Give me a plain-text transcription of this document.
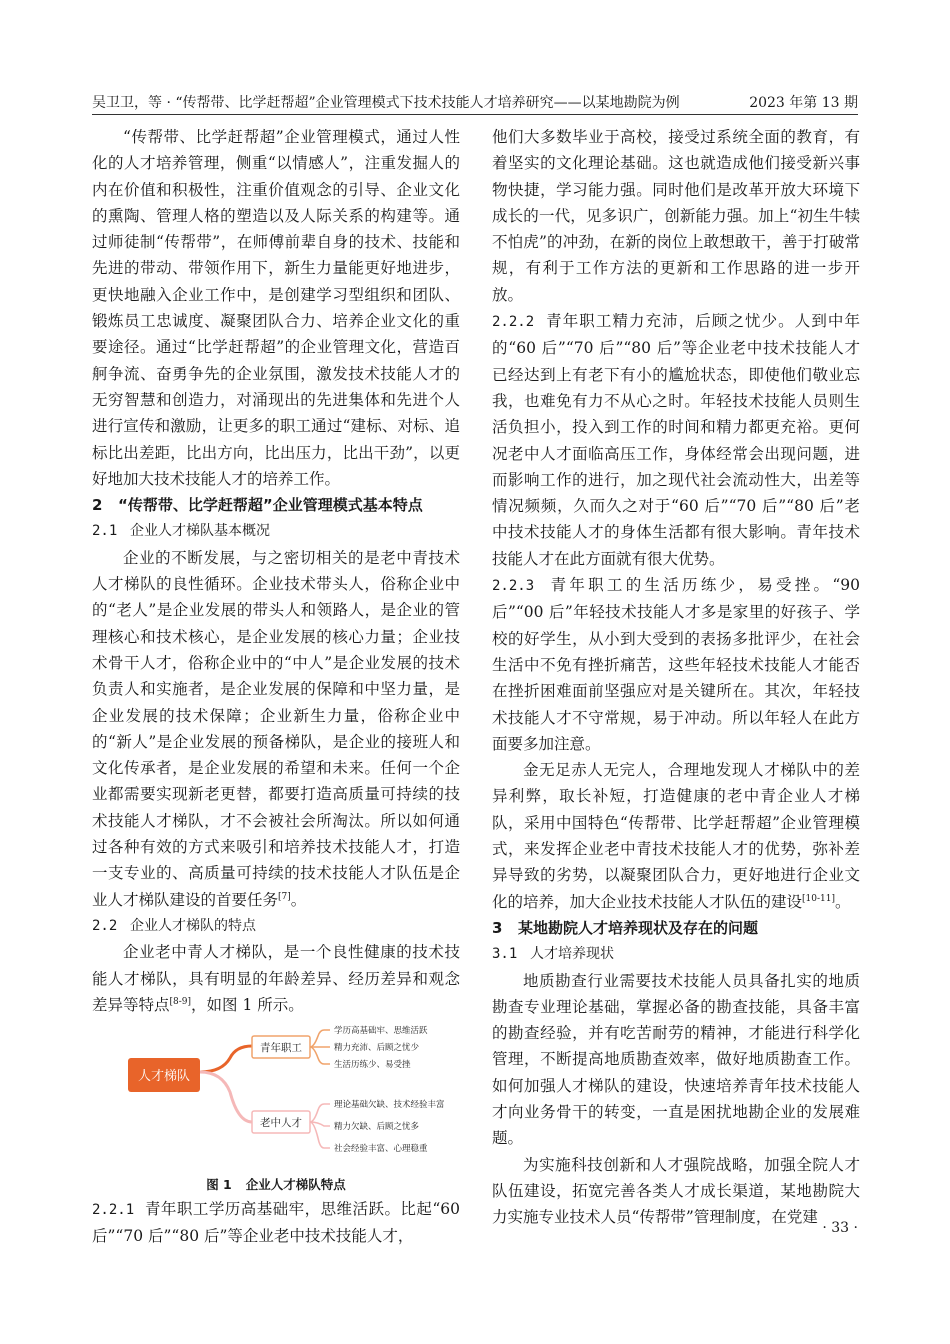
吴卫卫，等 · “传帮带、比学赶帮超”企业管理模式下技术技能人才培养研究——以某地勘院为例	2023 年第 13 期

“传帮带、比学赶帮超”企业管理模式，通过人性化的人才培养管理，侧重“以情感人”，注重发掘人的内在价值和积极性，注重价值观念的引导、企业文化的熏陶、管理人格的塑造以及人际关系的构建等。通过师徒制“传帮带”，在师傅前辈自身的技术、技能和先进的带动、带领作用下，新生力量能更好地进步，更快地融入企业工作中，是创建学习型组织和团队、锻炼员工忠诚度、凝聚团队合力、培养企业文化的重要途径。通过“比学赶帮超”的企业管理文化，营造百舸争流、奋勇争先的企业氛围，激发技术技能人才的无穷智慧和创造力，对涌现出的先进集体和先进个人进行宣传和激励，让更多的职工通过“建标、对标、追标比出差距，比出方向，比出压力，比出干劲”，以更好地加大技术技能人才的培养工作。

2 “传帮带、比学赶帮超”企业管理模式基本特点
2.1 企业人才梯队基本概况

企业的不断发展，与之密切相关的是老中青技术人才梯队的良性循环。企业技术带头人，俗称企业中的“老人”是企业发展的带头人和领路人，是企业的管理核心和技术核心，是企业发展的核心力量；企业技术骨干人才，俗称企业中的“中人”是企业发展的技术负责人和实施者，是企业发展的保障和中坚力量，是企业发展的技术保障；企业新生力量，俗称企业中的“新人”是企业发展的预备梯队，是企业的接班人和文化传承者，是企业发展的希望和未来。任何一个企业都需要实现新老更替，都要打造高质量可持续的技术技能人才梯队，才不会被社会所淘汰。所以如何通过各种有效的方式来吸引和培养技术技能人才，打造一支专业的、高质量可持续的技术技能人才队伍是企业人才梯队建设的首要任务[7]。

2.2 企业人才梯队的特点

企业老中青人才梯队，是一个良性健康的技术技能人才梯队，具有明显的年龄差异、经历差异和观念差异等特点[8-9]，如图 1 所示。

人才梯队
青年职工
学历高基础牢、思维活跃
精力充沛、后顾之忧少
生活历练少、易受挫
老中人才
理论基础欠缺、技术经验丰富
精力欠缺、后顾之忧多
社会经验丰富、心理稳重
图 1 企业人才梯队特点

2.2.1 青年职工学历高基础牢，思维活跃。比起“60 后”“70 后”“80 后”等企业老中技术技能人才，

他们大多数毕业于高校，接受过系统全面的教育，有着坚实的文化理论基础。这也就造成他们接受新兴事物快捷，学习能力强。同时他们是改革开放大环境下成长的一代，见多识广，创新能力强。加上“初生牛犊不怕虎”的冲劲，在新的岗位上敢想敢干，善于打破常规，有利于工作方法的更新和工作思路的进一步开放。

2.2.2 青年职工精力充沛，后顾之忧少。人到中年的“60 后”“70 后”“80 后”等企业老中技术技能人才已经达到上有老下有小的尴尬状态，即使他们敬业忘我，也难免有力不从心之时。年轻技术技能人员则生活负担小，投入到工作的时间和精力都更充裕。更何况老中人才面临高压工作，身体经常会出现问题，进而影响工作的进行，加之现代社会流动性大，出差等情况频频，久而久之对于“60 后”“70 后”“80 后”老中技术技能人才的身体生活都有很大影响。青年技术技能人才在此方面就有很大优势。

2.2.3 青年职工的生活历练少，易受挫。“90 后”“00 后”年轻技术技能人才多是家里的好孩子、学校的好学生，从小到大受到的表扬多批评少，在社会生活中不免有挫折痛苦，这些年轻技术技能人才能否在挫折困难面前坚强应对是关键所在。其次，年轻技术技能人才不守常规，易于冲动。所以年轻人在此方面要多加注意。

金无足赤人无完人，合理地发现人才梯队中的差异利弊，取长补短，打造健康的老中青企业人才梯队，采用中国特色“传帮带、比学赶帮超”企业管理模式，来发挥企业老中青技术技能人才的优势，弥补差异导致的劣势，以凝聚团队合力，更好地进行企业文化的培养，加大企业技术技能人才队伍的建设[10-11]。

3 某地勘院人才培养现状及存在的问题
3.1 人才培养现状

地质勘查行业需要技术技能人员具备扎实的地质勘查专业理论基础，掌握必备的勘查技能，具备丰富的勘查经验，并有吃苦耐劳的精神，才能进行科学化管理，不断提高地质勘查效率，做好地质勘查工作。如何加强人才梯队的建设，快速培养青年技术技能人才向业务骨干的转变，一直是困扰地勘企业的发展难题。

为实施科技创新和人才强院战略，加强全院人才队伍建设，拓宽完善各类人才成长渠道，某地勘院大力实施专业技术人员“传帮带”管理制度，在党建

· 33 ·
